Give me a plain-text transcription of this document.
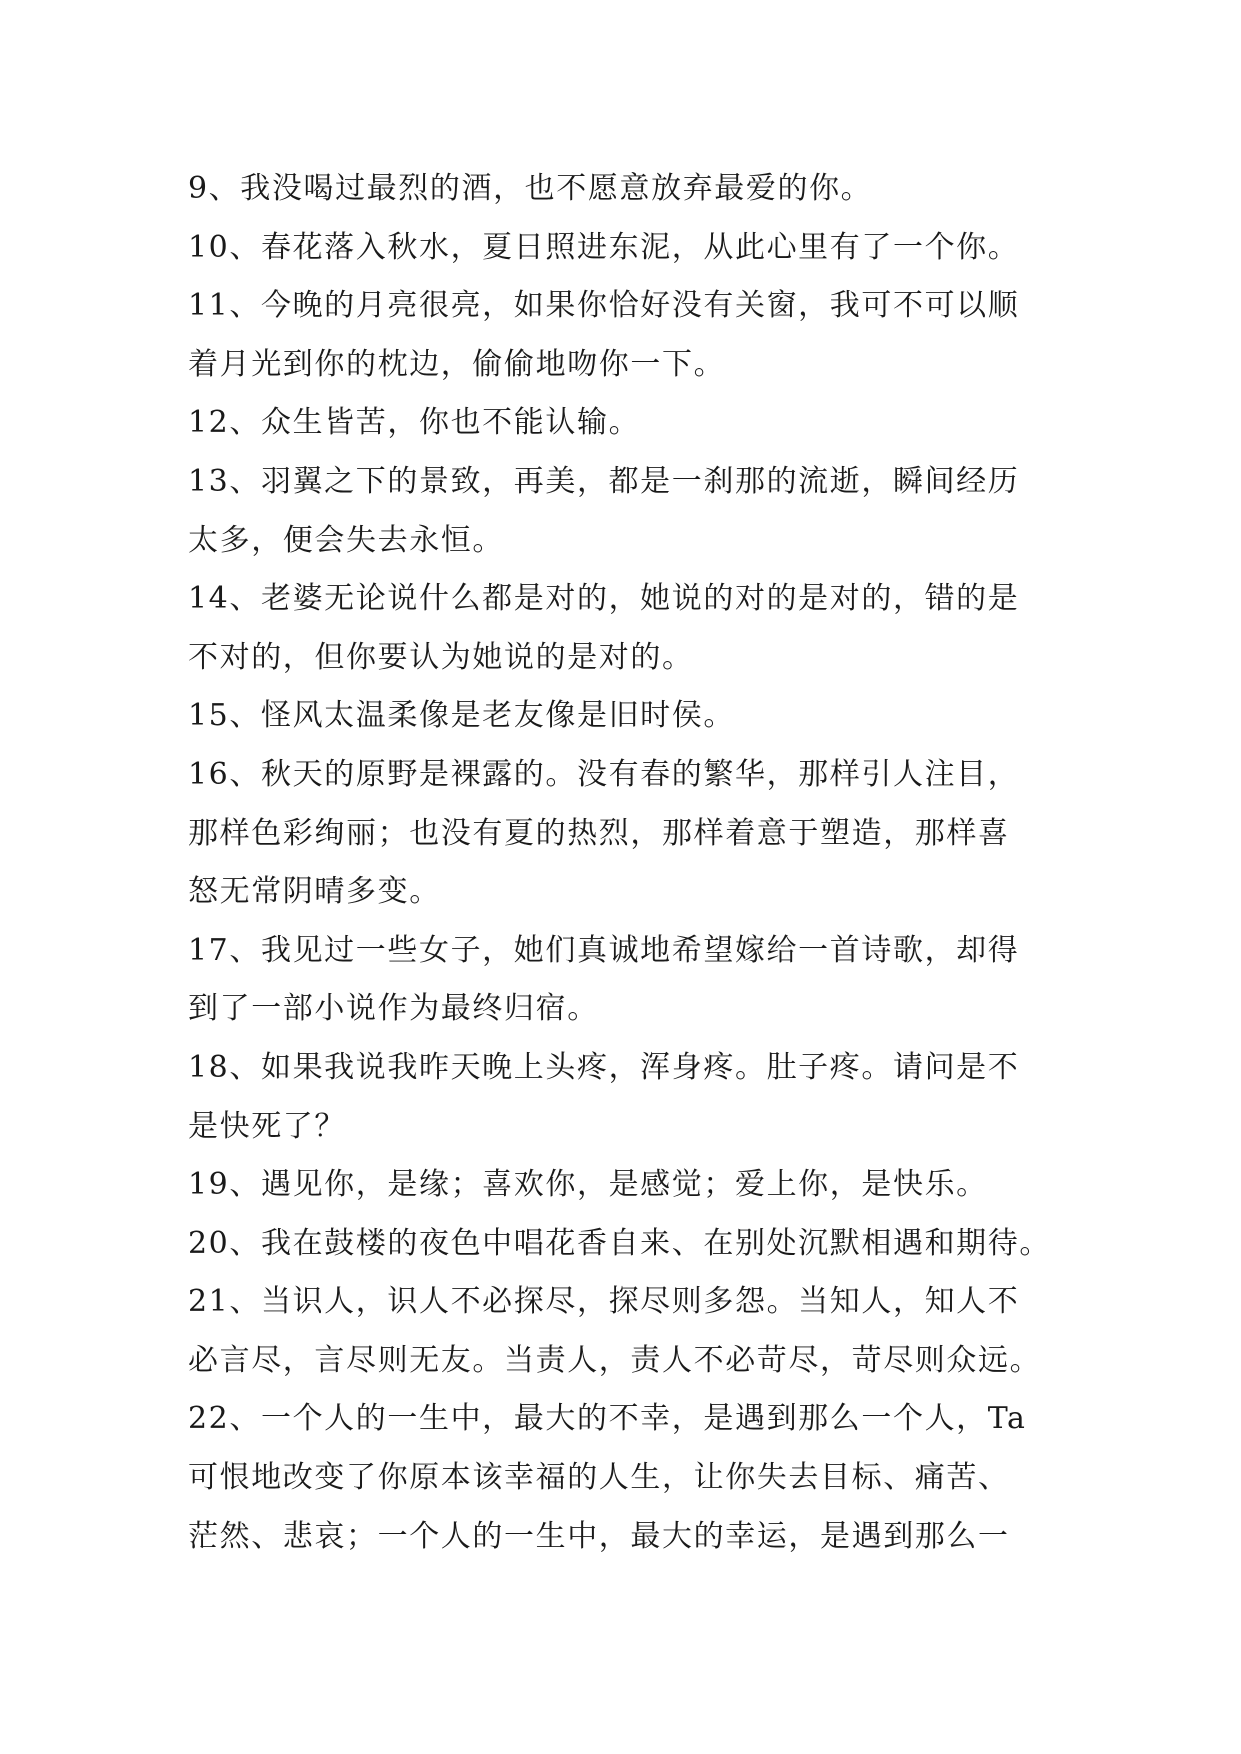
9、我没喝过最烈的酒，也不愿意放弃最爱的你。
10、春花落入秋水，夏日照进东泥，从此心里有了一个你。
11、今晚的月亮很亮，如果你恰好没有关窗，我可不可以顺
着月光到你的枕边，偷偷地吻你一下。
12、众生皆苦，你也不能认输。
13、羽翼之下的景致，再美，都是一刹那的流逝，瞬间经历
太多，便会失去永恒。
14、老婆无论说什么都是对的，她说的对的是对的，错的是
不对的，但你要认为她说的是对的。
15、怪风太温柔像是老友像是旧时侯。
16、秋天的原野是裸露的。没有春的繁华，那样引人注目，
那样色彩绚丽；也没有夏的热烈，那样着意于塑造，那样喜
怒无常阴晴多变。
17、我见过一些女子，她们真诚地希望嫁给一首诗歌，却得
到了一部小说作为最终归宿。
18、如果我说我昨天晚上头疼，浑身疼。肚子疼。请问是不
是快死了？
19、遇见你，是缘；喜欢你，是感觉；爱上你，是快乐。
20、我在鼓楼的夜色中唱花香自来、在别处沉默相遇和期待。
21、当识人，识人不必探尽，探尽则多怨。当知人，知人不
必言尽，言尽则无友。当责人，责人不必苛尽，苛尽则众远。
22、一个人的一生中，最大的不幸，是遇到那么一个人，Ta
可恨地改变了你原本该幸福的人生，让你失去目标、痛苦、
茫然、悲哀；一个人的一生中，最大的幸运，是遇到那么一
